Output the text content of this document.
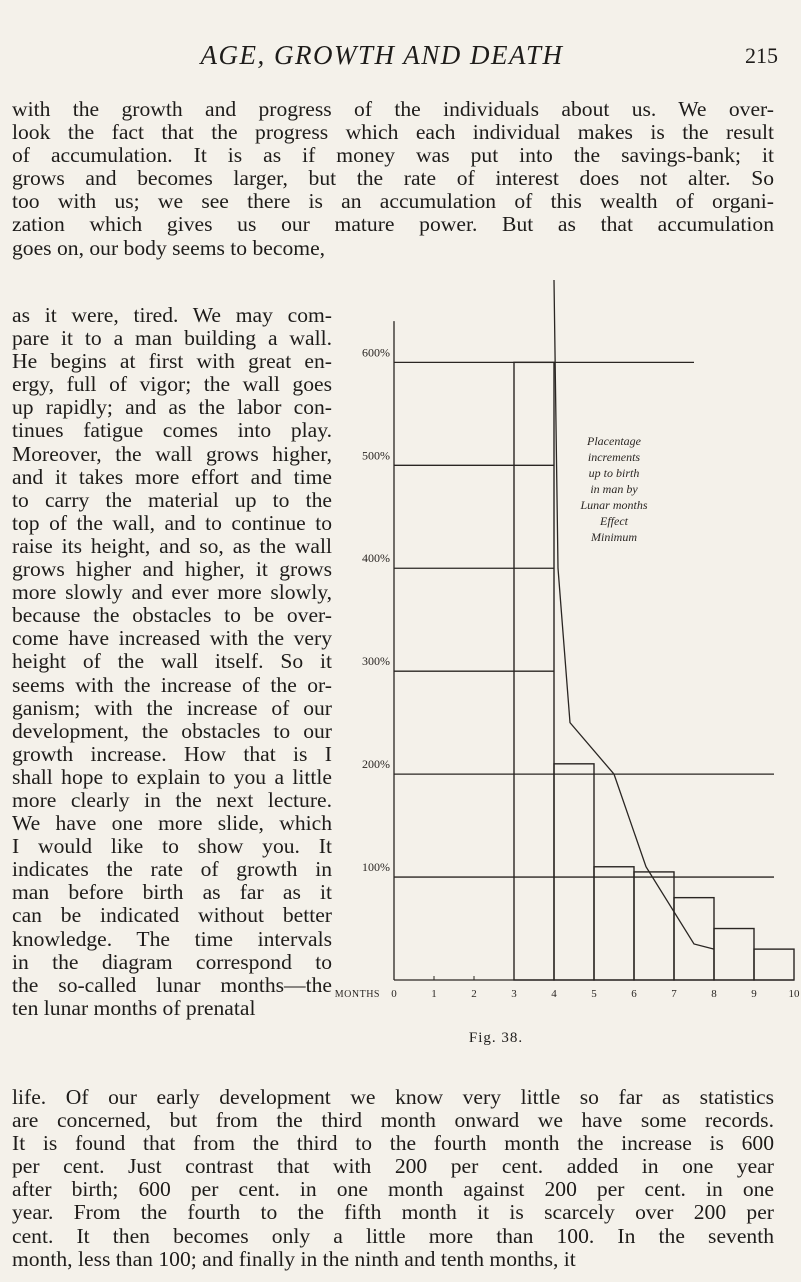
AGE, GROWTH AND DEATH	215
with the growth and progress of the individuals about us. We over-
look the fact that the progress which each individual makes is the result
of accumulation. It is as if money was put into the savings-bank; it
grows and becomes larger, but the rate of interest does not alter. So
too with us; we see there is an accumulation of this wealth of organi-
zation which gives us our mature power. But as that accumulation
goes on, our body seems to become,
as it were, tired. We may com-
pare it to a man building a wall.
He begins at first with great en-
ergy, full of vigor; the wall goes
up rapidly; and as the labor con-
tinues fatigue comes into play.
Moreover, the wall grows higher,
and it takes more effort and time
to carry the material up to the
top of the wall, and to continue to
raise its height, and so, as the wall
grows higher and higher, it grows
more slowly and ever more slowly,
because the obstacles to be over-
come have increased with the very
height of the wall itself. So it
seems with the increase of the or-
ganism; with the increase of our
development, the obstacles to our
growth increase. How that is I
shall hope to explain to you a little
more clearly in the next lecture.
We have one more slide, which
I would like to show you. It
indicates the rate of growth in
man before birth as far as it
can be indicated without better
knowledge. The time intervals
in the diagram correspond to
the so-called lunar months—the
ten lunar months of prenatal
600%
500%
400%
300%
200%
100%
0	1	2	3	4	5	6	7	8	9	10
MONTHS
Placentage
increments
up to birth
in man by
Lunar months
Effect
Minimum
Fig. 38.
life. Of our early development we know very little so far as statistics
are concerned, but from the third month onward we have some records.
It is found that from the third to the fourth month the increase is 600
per cent. Just contrast that with 200 per cent. added in one year
after birth; 600 per cent. in one month against 200 per cent. in one
year. From the fourth to the fifth month it is scarcely over 200 per
cent. It then becomes only a little more than 100. In the seventh
month, less than 100; and finally in the ninth and tenth months, it
